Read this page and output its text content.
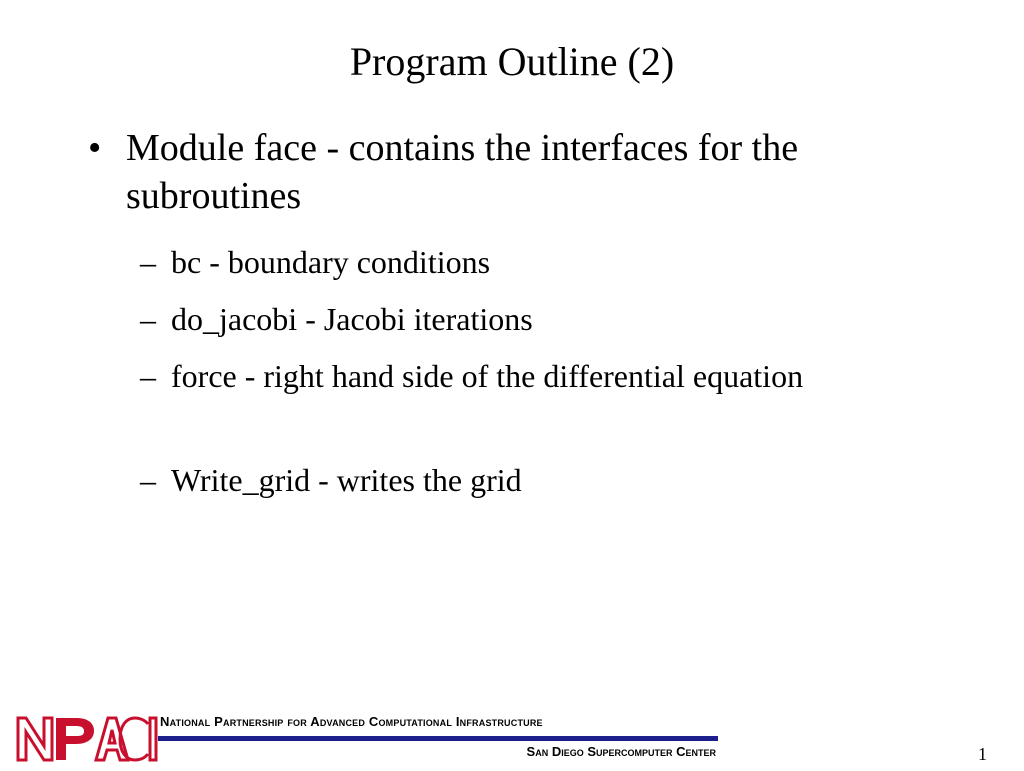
Program Outline (2)
• Module face - contains the interfaces for the subroutines
– bc - boundary conditions
– do_jacobi - Jacobi iterations
– force - right hand side of the differential equation
– Write_grid - writes the grid
National Partnership for Advanced Computational Infrastructure
San Diego Supercomputer Center	1
